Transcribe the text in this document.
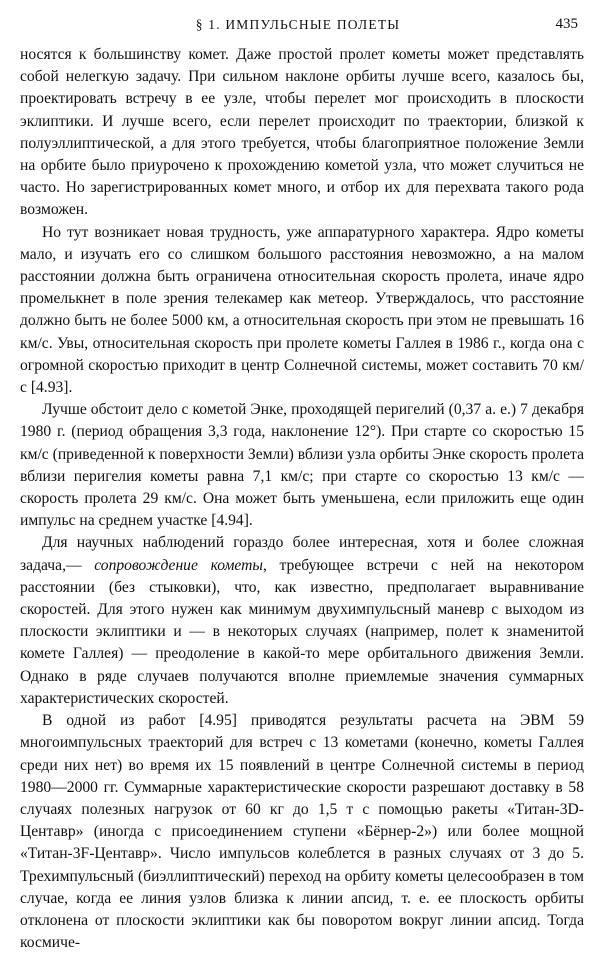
§ 1. ИМПУЛЬСНЫЕ ПОЛЕТЫ	435

носятся к большинству комет. Даже простой пролет кометы может представлять собой нелегкую задачу. При сильном наклоне орбиты лучше всего, казалось бы, проектировать встречу в ее узле, чтобы перелет мог происходить в плоскости эклиптики. И лучше всего, если перелет происходит по траектории, близкой к полуэллиптической, а для этого требуется, чтобы благоприятное положение Земли на орбите было приурочено к прохождению кометой узла, что может случиться не часто. Но зарегистрированных комет много, и отбор их для перехвата такого рода возможен.

Но тут возникает новая трудность, уже аппаратурного характера. Ядро кометы мало, и изучать его со слишком большого расстояния невозможно, а на малом расстоянии должна быть ограничена относительная скорость пролета, иначе ядро промелькнет в поле зрения телекамер как метеор. Утверждалось, что расстояние должно быть не более 5000 км, а относительная скорость при этом не превышать 16 км/с. Увы, относительная скорость при пролете кометы Галлея в 1986 г., когда она с огромной скоростью приходит в центр Солнечной системы, может составить 70 км/с [4.93].

Лучше обстоит дело с кометой Энке, проходящей перигелий (0,37 а. е.) 7 декабря 1980 г. (период обращения 3,3 года, наклонение 12°). При старте со скоростью 15 км/с (приведенной к поверхности Земли) вблизи узла орбиты Энке скорость пролета вблизи перигелия кометы равна 7,1 км/с; при старте со скоростью 13 км/с — скорость пролета 29 км/с. Она может быть уменьшена, если приложить еще один импульс на среднем участке [4.94].

Для научных наблюдений гораздо более интересная, хотя и более сложная задача,— сопровождение кометы, требующее встречи с ней на некотором расстоянии (без стыковки), что, как известно, предполагает выравнивание скоростей. Для этого нужен как минимум двухимпульсный маневр с выходом из плоскости эклиптики и — в некоторых случаях (например, полет к знаменитой комете Галлея) — преодоление в какой-то мере орбитального движения Земли. Однако в ряде случаев получаются вполне приемлемые значения суммарных характеристических скоростей.

В одной из работ [4.95] приводятся результаты расчета на ЭВМ 59 многоимпульсных траекторий для встреч с 13 кометами (конечно, кометы Галлея среди них нет) во время их 15 появлений в центре Солнечной системы в период 1980—2000 гг. Суммарные характеристические скорости разрешают доставку в 58 случаях полезных нагрузок от 60 кг до 1,5 т с помощью ракеты «Титан-3D-Центавр» (иногда с присоединением ступени «Бёрнер-2») или более мощной «Титан-3F-Центавр». Число импульсов колеблется в разных случаях от 3 до 5. Трехимпульсный (биэллиптический) переход на орбиту кометы целесообразен в том случае, когда ее линия узлов близка к линии апсид, т. е. ее плоскость орбиты отклонена от плоскости эклиптики как бы поворотом вокруг линии апсид. Тогда космиче-
